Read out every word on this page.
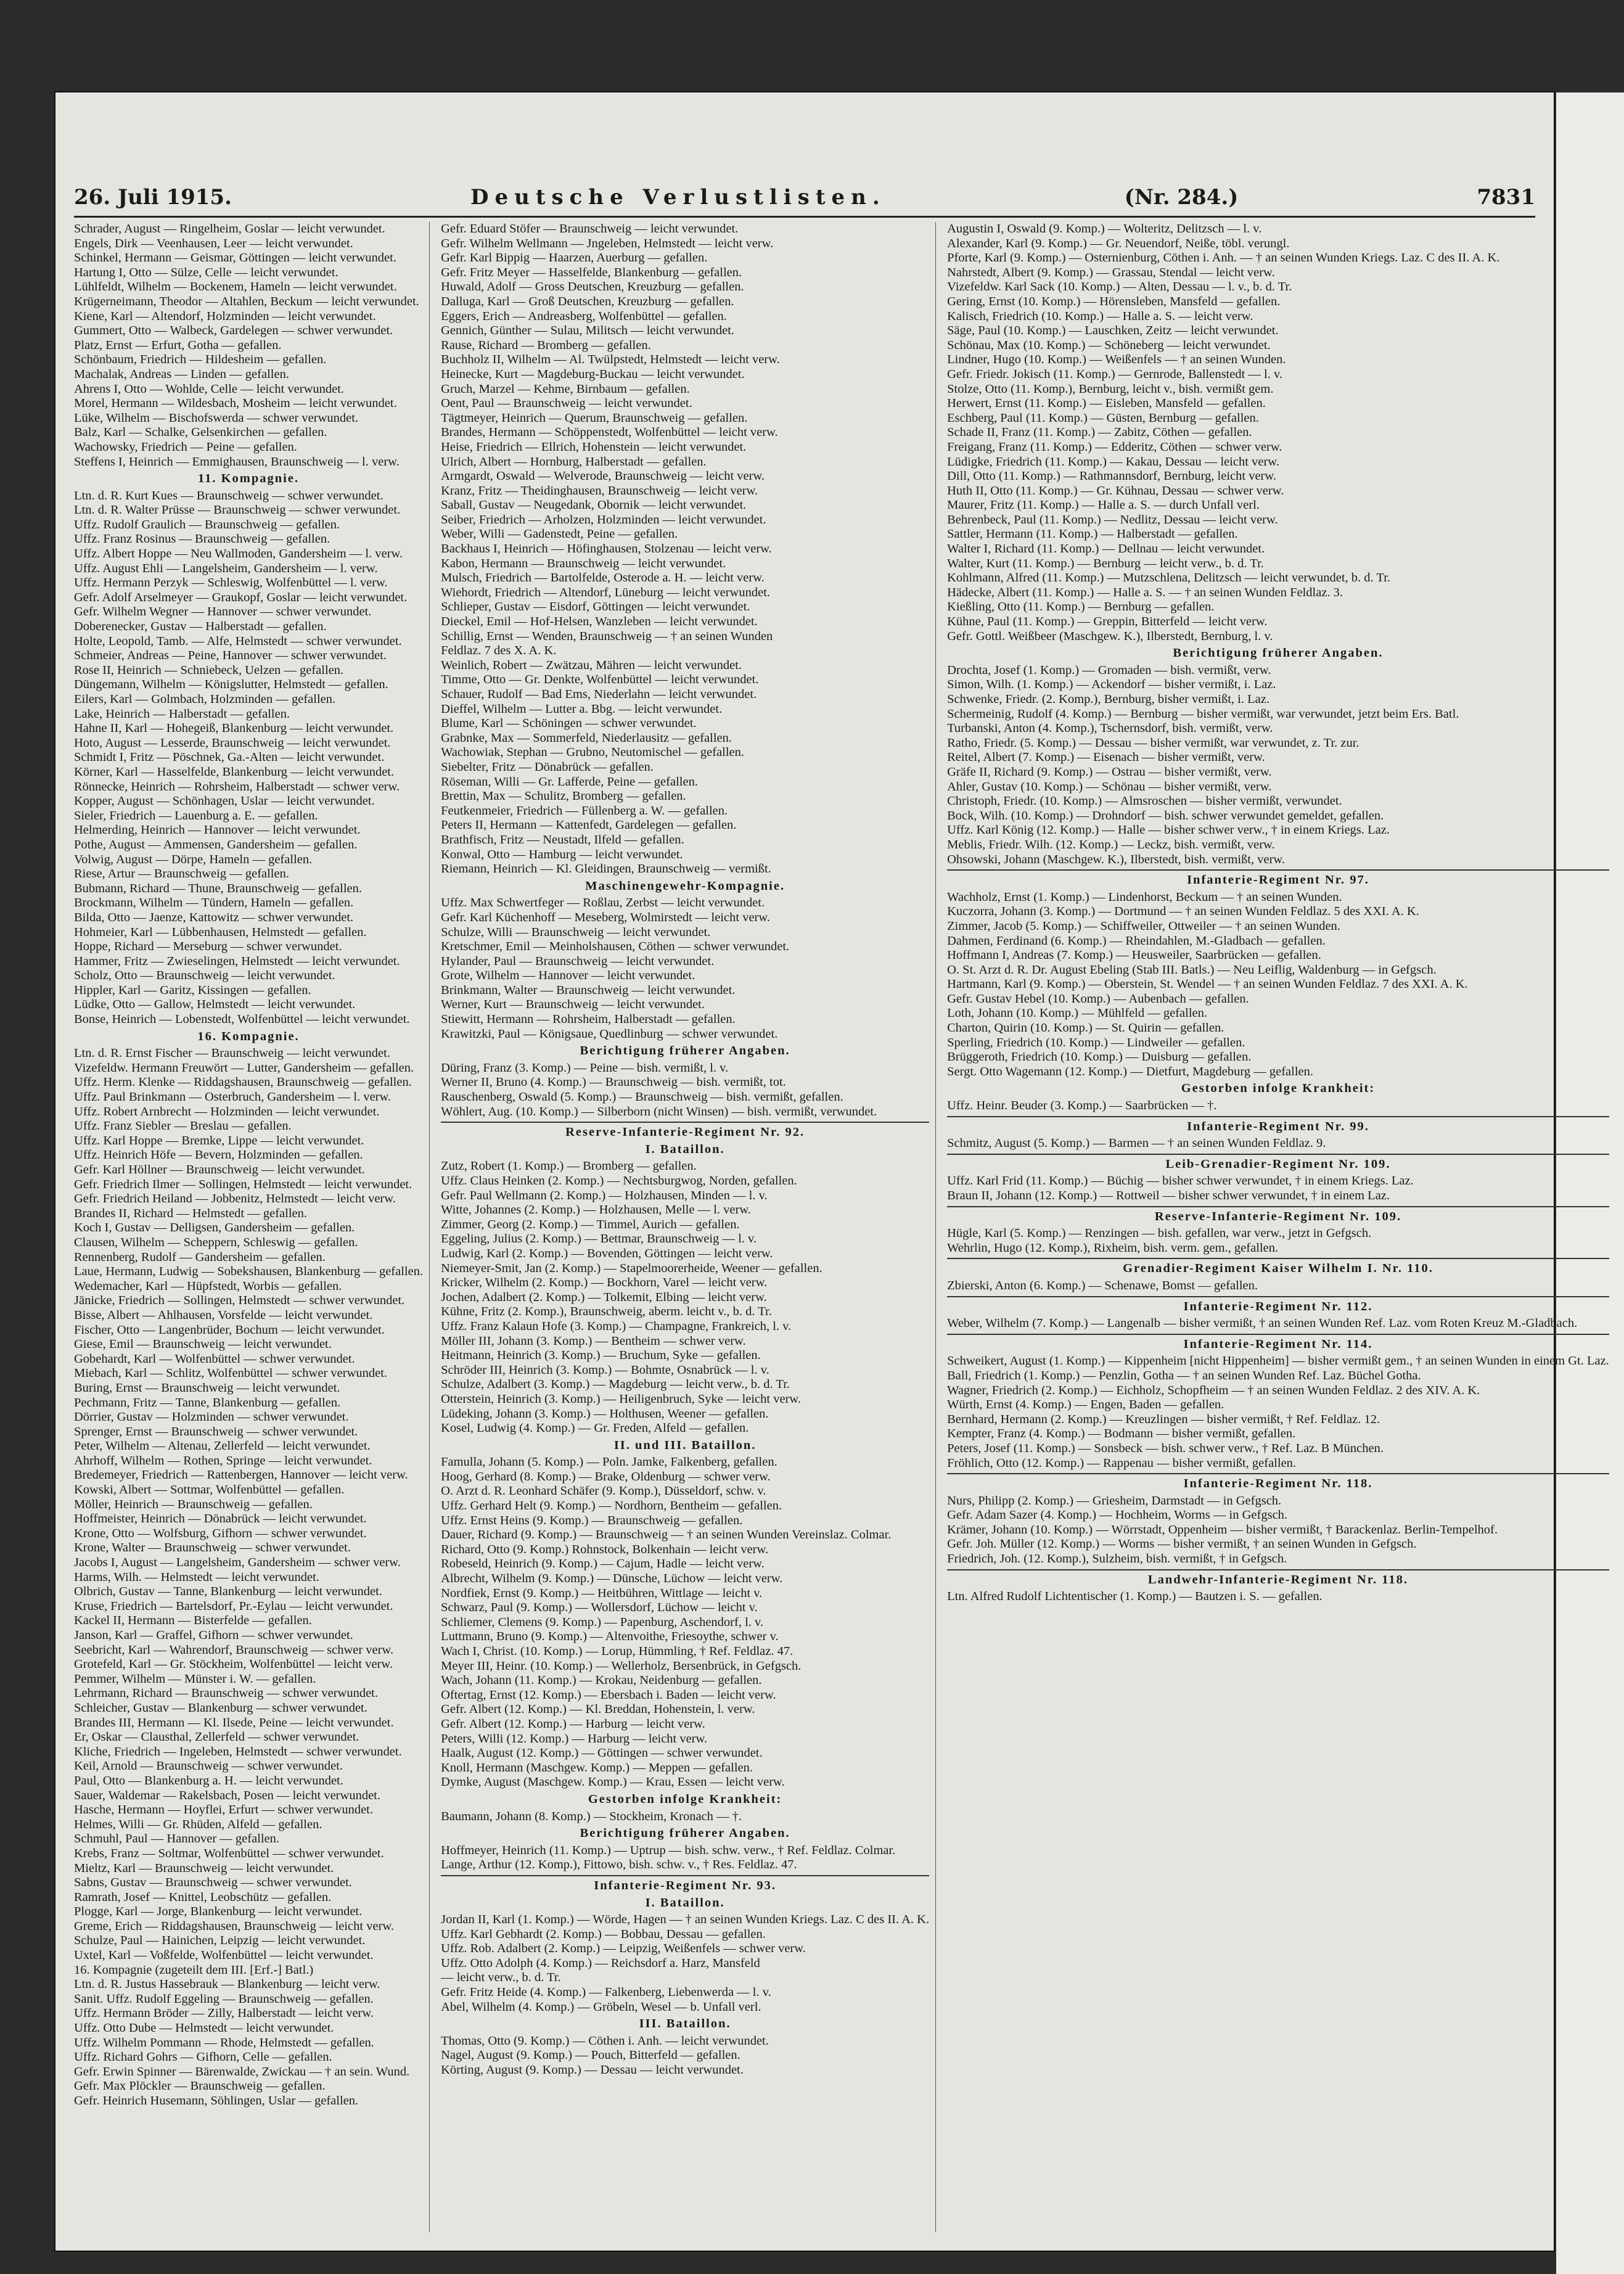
26. Juli 1915.	Deutsche Verlustlisten.	(Nr. 284.)	7831
Schrader, August — Ringelheim, Goslar — leicht verwundet.
Engels, Dirk — Veenhausen, Leer — leicht verwundet.
Schinkel, Hermann — Geismar, Göttingen — leicht verwundet.
Hartung I, Otto — Sülze, Celle — leicht verwundet.
Lühlfeldt, Wilhelm — Bockenem, Hameln — leicht verwundet.
Krügerneimann, Theodor — Altahlen, Beckum — leicht verwundet.
Kiene, Karl — Altendorf, Holzminden — leicht verwundet.
Gummert, Otto — Walbeck, Gardelegen — schwer verwundet.
Platz, Ernst — Erfurt, Gotha — gefallen.
Schönbaum, Friedrich — Hildesheim — gefallen.
Machalak, Andreas — Linden — gefallen.
Ahrens I, Otto — Wohlde, Celle — leicht verwundet.
Morel, Hermann — Wildesbach, Mosheim — leicht verwundet.
Lüke, Wilhelm — Bischofswerda — schwer verwundet.
Balz, Karl — Schalke, Gelsenkirchen — gefallen.
Wachowsky, Friedrich — Peine — gefallen.
Steffens I, Heinrich — Emmighausen, Braunschweig — l. verw.
11. Kompagnie.
Ltn. d. R. Kurt Kues — Braunschweig — schwer verwundet.
Ltn. d. R. Walter Prüsse — Braunschweig — schwer verwundet.
Uffz. Rudolf Graulich — Braunschweig — gefallen.
Uffz. Franz Rosinus — Braunschweig — gefallen.
Uffz. Albert Hoppe — Neu Wallmoden, Gandersheim — l. verw.
Uffz. August Ehli — Langelsheim, Gandersheim — l. verw.
Uffz. Hermann Perzyk — Schleswig, Wolfenbüttel — l. verw.
Gefr. Adolf Arselmeyer — Graukopf, Goslar — leicht verwundet.
Gefr. Wilhelm Wegner — Hannover — schwer verwundet.
Doberenecker, Gustav — Halberstadt — gefallen.
Holte, Leopold, Tamb. — Alfe, Helmstedt — schwer verwundet.
Schmeier, Andreas — Peine, Hannover — schwer verwundet.
Rose II, Heinrich — Schniebeck, Uelzen — gefallen.
Düngemann, Wilhelm — Königslutter, Helmstedt — gefallen.
Eilers, Karl — Golmbach, Holzminden — gefallen.
Lake, Heinrich — Halberstadt — gefallen.
Hahne II, Karl — Hohegeiß, Blankenburg — leicht verwundet.
Hoto, August — Lesserde, Braunschweig — leicht verwundet.
Schmidt I, Fritz — Pöschnek, Ga.-Alten — leicht verwundet.
Körner, Karl — Hasselfelde, Blankenburg — leicht verwundet.
Rönnecke, Heinrich — Rohrsheim, Halberstadt — schwer verw.
Kopper, August — Schönhagen, Uslar — leicht verwundet.
Sieler, Friedrich — Lauenburg a. E. — gefallen.
Helmerding, Heinrich — Hannover — leicht verwundet.
Pothe, August — Ammensen, Gandersheim — gefallen.
Volwig, August — Dörpe, Hameln — gefallen.
Riese, Artur — Braunschweig — gefallen.
Bubmann, Richard — Thune, Braunschweig — gefallen.
Brockmann, Wilhelm — Tündern, Hameln — gefallen.
Bilda, Otto — Jaenze, Kattowitz — schwer verwundet.
Hohmeier, Karl — Lübbenhausen, Helmstedt — gefallen.
Hoppe, Richard — Merseburg — schwer verwundet.
Hammer, Fritz — Zwieselingen, Helmstedt — leicht verwundet.
Scholz, Otto — Braunschweig — leicht verwundet.
Hippler, Karl — Garitz, Kissingen — gefallen.
Lüdke, Otto — Gallow, Helmstedt — leicht verwundet.
Bonse, Heinrich — Lobenstedt, Wolfenbüttel — leicht verwundet.
16. Kompagnie.
Ltn. d. R. Ernst Fischer — Braunschweig — leicht verwundet.
Vizefeldw. Hermann Freuwört — Lutter, Gandersheim — gefallen.
Uffz. Herm. Klenke — Riddagshausen, Braunschweig — gefallen.
Uffz. Paul Brinkmann — Osterbruch, Gandersheim — l. verw.
Uffz. Robert Arnbrecht — Holzminden — leicht verwundet.
Uffz. Franz Siebler — Breslau — gefallen.
Uffz. Karl Hoppe — Bremke, Lippe — leicht verwundet.
Uffz. Heinrich Höfe — Bevern, Holzminden — gefallen.
Gefr. Karl Höllner — Braunschweig — leicht verwundet.
Gefr. Friedrich Ilmer — Sollingen, Helmstedt — leicht verwundet.
Gefr. Friedrich Heiland — Jobbenitz, Helmstedt — leicht verw.
Brandes II, Richard — Helmstedt — gefallen.
Koch I, Gustav — Delligsen, Gandersheim — gefallen.
Clausen, Wilhelm — Scheppern, Schleswig — gefallen.
Rennenberg, Rudolf — Gandersheim — gefallen.
Laue, Hermann, Ludwig — Sobekshausen, Blankenburg — gefallen.
Wedemacher, Karl — Hüpfstedt, Worbis — gefallen.
Jänicke, Friedrich — Sollingen, Helmstedt — schwer verwundet.
Bisse, Albert — Ahlhausen, Vorsfelde — leicht verwundet.
Fischer, Otto — Langenbrüder, Bochum — leicht verwundet.
Giese, Emil — Braunschweig — leicht verwundet.
Gobehardt, Karl — Wolfenbüttel — schwer verwundet.
Miebach, Karl — Schlitz, Wolfenbüttel — schwer verwundet.
Buring, Ernst — Braunschweig — leicht verwundet.
Pechmann, Fritz — Tanne, Blankenburg — gefallen.
Dörrier, Gustav — Holzminden — schwer verwundet.
Sprenger, Ernst — Braunschweig — schwer verwundet.
Peter, Wilhelm — Altenau, Zellerfeld — leicht verwundet.
Ahrhoff, Wilhelm — Rothen, Springe — leicht verwundet.
Bredemeyer, Friedrich — Rattenbergen, Hannover — leicht verw.
Kowski, Albert — Sottmar, Wolfenbüttel — gefallen.
Möller, Heinrich — Braunschweig — gefallen.
Hoffmeister, Heinrich — Dönabrück — leicht verwundet.
Krone, Otto — Wolfsburg, Gifhorn — schwer verwundet.
Krone, Walter — Braunschweig — schwer verwundet.
Jacobs I, August — Langelsheim, Gandersheim — schwer verw.
Harms, Wilh. — Helmstedt — leicht verwundet.
Olbrich, Gustav — Tanne, Blankenburg — leicht verwundet.
Kruse, Friedrich — Bartelsdorf, Pr.-Eylau — leicht verwundet.
Kackel II, Hermann — Bisterfelde — gefallen.
Janson, Karl — Graffel, Gifhorn — schwer verwundet.
Seebricht, Karl — Wahrendorf, Braunschweig — schwer verw.
Grotefeld, Karl — Gr. Stöckheim, Wolfenbüttel — leicht verw.
Pemmer, Wilhelm — Münster i. W. — gefallen.
Lehrmann, Richard — Braunschweig — schwer verwundet.
Schleicher, Gustav — Blankenburg — schwer verwundet.
Brandes III, Hermann — Kl. Ilsede, Peine — leicht verwundet.
Er, Oskar — Clausthal, Zellerfeld — schwer verwundet.
Kliche, Friedrich — Ingeleben, Helmstedt — schwer verwundet.
Keil, Arnold — Braunschweig — schwer verwundet.
Paul, Otto — Blankenburg a. H. — leicht verwundet.
Sauer, Waldemar — Rakelsbach, Posen — leicht verwundet.
Hasche, Hermann — Hoyflei, Erfurt — schwer verwundet.
Helmes, Willi — Gr. Rhüden, Alfeld — gefallen.
Schmuhl, Paul — Hannover — gefallen.
Krebs, Franz — Soltmar, Wolfenbüttel — schwer verwundet.
Mieltz, Karl — Braunschweig — leicht verwundet.
Sabns, Gustav — Braunschweig — schwer verwundet.
Ramrath, Josef — Knittel, Leobschütz — gefallen.
Plogge, Karl — Jorge, Blankenburg — leicht verwundet.
Greme, Erich — Riddagshausen, Braunschweig — leicht verw.
Schulze, Paul — Hainichen, Leipzig — leicht verwundet.
Uxtel, Karl — Voßfelde, Wolfenbüttel — leicht verwundet.
16. Kompagnie (zugeteilt dem III. [Erf.-] Batl.)
Ltn. d. R. Justus Hassebrauk — Blankenburg — leicht verw.
Sanit. Uffz. Rudolf Eggeling — Braunschweig — gefallen.
Uffz. Hermann Bröder — Zilly, Halberstadt — leicht verw.
Uffz. Otto Dube — Helmstedt — leicht verwundet.
Uffz. Wilhelm Pommann — Rhode, Helmstedt — gefallen.
Uffz. Richard Gohrs — Gifhorn, Celle — gefallen.
Gefr. Erwin Spinner — Bärenwalde, Zwickau — † an sein. Wund.
Gefr. Max Plöckler — Braunschweig — gefallen.
Gefr. Heinrich Husemann, Söhlingen, Uslar — gefallen.
Gefr. Eduard Stöfer — Braunschweig — leicht verwundet.
Gefr. Wilhelm Wellmann — Jngeleben, Helmstedt — leicht verw.
Gefr. Karl Bippig — Haarzen, Auerburg — gefallen.
Gefr. Fritz Meyer — Hasselfelde, Blankenburg — gefallen.
Huwald, Adolf — Gross Deutschen, Kreuzburg — gefallen.
Dalluga, Karl — Groß Deutschen, Kreuzburg — gefallen.
Eggers, Erich — Andreasberg, Wolfenbüttel — gefallen.
Gennich, Günther — Sulau, Militsch — leicht verwundet.
Rause, Richard — Bromberg — gefallen.
Buchholz II, Wilhelm — Al. Twülpstedt, Helmstedt — leicht verw.
Heinecke, Kurt — Magdeburg-Buckau — leicht verwundet.
Gruch, Marzel — Kehme, Birnbaum — gefallen.
Oent, Paul — Braunschweig — leicht verwundet.
Tägtmeyer, Heinrich — Querum, Braunschweig — gefallen.
Brandes, Hermann — Schöppenstedt, Wolfenbüttel — leicht verw.
Heise, Friedrich — Ellrich, Hohenstein — leicht verwundet.
Ulrich, Albert — Hornburg, Halberstadt — gefallen.
Armgardt, Oswald — Welverode, Braunschweig — leicht verw.
Kranz, Fritz — Theidinghausen, Braunschweig — leicht verw.
Saball, Gustav — Neugedank, Obornik — leicht verwundet.
Seiber, Friedrich — Arholzen, Holzminden — leicht verwundet.
Weber, Willi — Gadenstedt, Peine — gefallen.
Backhaus I, Heinrich — Höfinghausen, Stolzenau — leicht verw.
Kabon, Hermann — Braunschweig — leicht verwundet.
Mulsch, Friedrich — Bartolfelde, Osterode a. H. — leicht verw.
Wiehordt, Friedrich — Altendorf, Lüneburg — leicht verwundet.
Schlieper, Gustav — Eisdorf, Göttingen — leicht verwundet.
Dieckel, Emil — Hof-Helsen, Wanzleben — leicht verwundet.
Schillig, Ernst — Wenden, Braunschweig — † an seinen Wunden
Feldlaz. 7 des X. A. K.
Weinlich, Robert — Zwätzau, Mähren — leicht verwundet.
Timme, Otto — Gr. Denkte, Wolfenbüttel — leicht verwundet.
Schauer, Rudolf — Bad Ems, Niederlahn — leicht verwundet.
Dieffel, Wilhelm — Lutter a. Bbg. — leicht verwundet.
Blume, Karl — Schöningen — schwer verwundet.
Grabnke, Max — Sommerfeld, Niederlausitz — gefallen.
Wachowiak, Stephan — Grubno, Neutomischel — gefallen.
Siebelter, Fritz — Dönabrück — gefallen.
Röseman, Willi — Gr. Lafferde, Peine — gefallen.
Brettin, Max — Schulitz, Bromberg — gefallen.
Feutkenmeier, Friedrich — Füllenberg a. W. — gefallen.
Peters II, Hermann — Kattenfedt, Gardelegen — gefallen.
Brathfisch, Fritz — Neustadt, Ilfeld — gefallen.
Konwal, Otto — Hamburg — leicht verwundet.
Riemann, Heinrich — Kl. Gleidingen, Braunschweig — vermißt.
Maschinengewehr-Kompagnie.
Uffz. Max Schwertfeger — Roßlau, Zerbst — leicht verwundet.
Gefr. Karl Küchenhoff — Meseberg, Wolmirstedt — leicht verw.
Schulze, Willi — Braunschweig — leicht verwundet.
Kretschmer, Emil — Meinholshausen, Cöthen — schwer verwundet.
Hylander, Paul — Braunschweig — leicht verwundet.
Grote, Wilhelm — Hannover — leicht verwundet.
Brinkmann, Walter — Braunschweig — leicht verwundet.
Werner, Kurt — Braunschweig — leicht verwundet.
Stiewitt, Hermann — Rohrsheim, Halberstadt — gefallen.
Krawitzki, Paul — Königsaue, Quedlinburg — schwer verwundet.
Berichtigung früherer Angaben.
Düring, Franz (3. Komp.) — Peine — bish. vermißt, l. v.
Werner II, Bruno (4. Komp.) — Braunschweig — bish. vermißt, tot.
Rauschenberg, Oswald (5. Komp.) — Braunschweig — bish. vermißt, gefallen.
Wöhlert, Aug. (10. Komp.) — Silberborn (nicht Winsen) — bish. vermißt, verwundet.
Reserve-Infanterie-Regiment Nr. 92.
I. Bataillon.
Zutz, Robert (1. Komp.) — Bromberg — gefallen.
Uffz. Claus Heinken (2. Komp.) — Nechtsburgwog, Norden, gefallen.
Gefr. Paul Wellmann (2. Komp.) — Holzhausen, Minden — l. v.
Witte, Johannes (2. Komp.) — Holzhausen, Melle — l. verw.
Zimmer, Georg (2. Komp.) — Timmel, Aurich — gefallen.
Eggeling, Julius (2. Komp.) — Bettmar, Braunschweig — l. v.
Ludwig, Karl (2. Komp.) — Bovenden, Göttingen — leicht verw.
Niemeyer-Smit, Jan (2. Komp.) — Stapelmoorerheide, Weener — gefallen.
Kricker, Wilhelm (2. Komp.) — Bockhorn, Varel — leicht verw.
Jochen, Adalbert (2. Komp.) — Tolkemit, Elbing — leicht verw.
Kühne, Fritz (2. Komp.), Braunschweig, aberm. leicht v., b. d. Tr.
Uffz. Franz Kalaun Hofe (3. Komp.) — Champagne, Frankreich, l. v.
Möller III, Johann (3. Komp.) — Bentheim — schwer verw.
Heitmann, Heinrich (3. Komp.) — Bruchum, Syke — gefallen.
Schröder III, Heinrich (3. Komp.) — Bohmte, Osnabrück — l. v.
Schulze, Adalbert (3. Komp.) — Magdeburg — leicht verw., b. d. Tr.
Otterstein, Heinrich (3. Komp.) — Heiligenbruch, Syke — leicht verw.
Lüdeking, Johann (3. Komp.) — Holthusen, Weener — gefallen.
Kosel, Ludwig (4. Komp.) — Gr. Freden, Alfeld — gefallen.
II. und III. Bataillon.
Famulla, Johann (5. Komp.) — Poln. Jamke, Falkenberg, gefallen.
Hoog, Gerhard (8. Komp.) — Brake, Oldenburg — schwer verw.
O. Arzt d. R. Leonhard Schäfer (9. Komp.), Düsseldorf, schw. v.
Uffz. Gerhard Helt (9. Komp.) — Nordhorn, Bentheim — gefallen.
Uffz. Ernst Heins (9. Komp.) — Braunschweig — gefallen.
Dauer, Richard (9. Komp.) — Braunschweig — † an seinen Wunden Vereinslaz. Colmar.
Richard, Otto (9. Komp.) Rohnstock, Bolkenhain — leicht verw.
Robeseld, Heinrich (9. Komp.) — Cajum, Hadle — leicht verw.
Albrecht, Wilhelm (9. Komp.) — Dünsche, Lüchow — leicht verw.
Nordfiek, Ernst (9. Komp.) — Heitbühren, Wittlage — leicht v.
Schwarz, Paul (9. Komp.) — Wollersdorf, Lüchow — leicht v.
Schliemer, Clemens (9. Komp.) — Papenburg, Aschendorf, l. v.
Luttmann, Bruno (9. Komp.) — Altenvoithe, Friesoythe, schwer v.
Wach I, Christ. (10. Komp.) — Lorup, Hümmling, † Ref. Feldlaz. 47.
Meyer III, Heinr. (10. Komp.) — Wellerholz, Bersenbrück, in Gefgsch.
Wach, Johann (11. Komp.) — Krokau, Neidenburg — gefallen.
Oftertag, Ernst (12. Komp.) — Ebersbach i. Baden — leicht verw.
Gefr. Albert (12. Komp.) — Kl. Breddan, Hohenstein, l. verw.
Gefr. Albert (12. Komp.) — Harburg — leicht verw.
Peters, Willi (12. Komp.) — Harburg — leicht verw.
Haalk, August (12. Komp.) — Göttingen — schwer verwundet.
Knoll, Hermann (Maschgew. Komp.) — Meppen — gefallen.
Dymke, August (Maschgew. Komp.) — Krau, Essen — leicht verw.
Gestorben infolge Krankheit:
Baumann, Johann (8. Komp.) — Stockheim, Kronach — †.
Berichtigung früherer Angaben.
Hoffmeyer, Heinrich (11. Komp.) — Uptrup — bish. schw. verw., † Ref. Feldlaz. Colmar.
Lange, Arthur (12. Komp.), Fittowo, bish. schw. v., † Res. Feldlaz. 47.
Infanterie-Regiment Nr. 93.
I. Bataillon.
Jordan II, Karl (1. Komp.) — Wörde, Hagen — † an seinen Wunden Kriegs. Laz. C des II. A. K.
Uffz. Karl Gebhardt (2. Komp.) — Bobbau, Dessau — gefallen.
Uffz. Rob. Adalbert (2. Komp.) — Leipzig, Weißenfels — schwer verw.
Uffz. Otto Adolph (4. Komp.) — Reichsdorf a. Harz, Mansfeld
— leicht verw., b. d. Tr.
Gefr. Fritz Heide (4. Komp.) — Falkenberg, Liebenwerda — l. v.
Abel, Wilhelm (4. Komp.) — Gröbeln, Wesel — b. Unfall verl.
III. Bataillon.
Thomas, Otto (9. Komp.) — Cöthen i. Anh. — leicht verwundet.
Nagel, August (9. Komp.) — Pouch, Bitterfeld — gefallen.
Körting, August (9. Komp.) — Dessau — leicht verwundet.
Augustin I, Oswald (9. Komp.) — Wolteritz, Delitzsch — l. v.
Alexander, Karl (9. Komp.) — Gr. Neuendorf, Neiße, töbl. verungl.
Pforte, Karl (9. Komp.) — Osternienburg, Cöthen i. Anh. — † an seinen Wunden Kriegs. Laz. C des II. A. K.
Nahrstedt, Albert (9. Komp.) — Grassau, Stendal — leicht verw.
Vizefeldw. Karl Sack (10. Komp.) — Alten, Dessau — l. v., b. d. Tr.
Gering, Ernst (10. Komp.) — Hörensleben, Mansfeld — gefallen.
Kalisch, Friedrich (10. Komp.) — Halle a. S. — leicht verw.
Säge, Paul (10. Komp.) — Lauschken, Zeitz — leicht verwundet.
Schönau, Max (10. Komp.) — Schöneberg — leicht verwundet.
Lindner, Hugo (10. Komp.) — Weißenfels — † an seinen Wunden.
Gefr. Friedr. Jokisch (11. Komp.) — Gernrode, Ballenstedt — l. v.
Stolze, Otto (11. Komp.), Bernburg, leicht v., bish. vermißt gem.
Herwert, Ernst (11. Komp.) — Eisleben, Mansfeld — gefallen.
Eschberg, Paul (11. Komp.) — Güsten, Bernburg — gefallen.
Schade II, Franz (11. Komp.) — Zabitz, Cöthen — gefallen.
Freigang, Franz (11. Komp.) — Edderitz, Cöthen — schwer verw.
Lüdigke, Friedrich (11. Komp.) — Kakau, Dessau — leicht verw.
Dill, Otto (11. Komp.) — Rathmannsdorf, Bernburg, leicht verw.
Huth II, Otto (11. Komp.) — Gr. Kühnau, Dessau — schwer verw.
Maurer, Fritz (11. Komp.) — Halle a. S. — durch Unfall verl.
Behrenbeck, Paul (11. Komp.) — Nedlitz, Dessau — leicht verw.
Sattler, Hermann (11. Komp.) — Halberstadt — gefallen.
Walter I, Richard (11. Komp.) — Dellnau — leicht verwundet.
Walter, Kurt (11. Komp.) — Bernburg — leicht verw., b. d. Tr.
Kohlmann, Alfred (11. Komp.) — Mutzschlena, Delitzsch — leicht verwundet, b. d. Tr.
Hädecke, Albert (11. Komp.) — Halle a. S. — † an seinen Wunden Feldlaz. 3.
Kießling, Otto (11. Komp.) — Bernburg — gefallen.
Kühne, Paul (11. Komp.) — Greppin, Bitterfeld — leicht verw.
Gefr. Gottl. Weißbeer (Maschgew. K.), Ilberstedt, Bernburg, l. v.
Berichtigung früherer Angaben.
Drochta, Josef (1. Komp.) — Gromaden — bish. vermißt, verw.
Simon, Wilh. (1. Komp.) — Ackendorf — bisher vermißt, i. Laz.
Schwenke, Friedr. (2. Komp.), Bernburg, bisher vermißt, i. Laz.
Schermeinig, Rudolf (4. Komp.) — Bernburg — bisher vermißt, war verwundet, jetzt beim Ers. Batl.
Turbanski, Anton (4. Komp.), Tschernsdorf, bish. vermißt, verw.
Ratho, Friedr. (5. Komp.) — Dessau — bisher vermißt, war verwundet, z. Tr. zur.
Reitel, Albert (7. Komp.) — Eisenach — bisher vermißt, verw.
Gräfe II, Richard (9. Komp.) — Ostrau — bisher vermißt, verw.
Ahler, Gustav (10. Komp.) — Schönau — bisher vermißt, verw.
Christoph, Friedr. (10. Komp.) — Almsroschen — bisher vermißt, verwundet.
Bock, Wilh. (10. Komp.) — Drohndorf — bish. schwer verwundet gemeldet, gefallen.
Uffz. Karl König (12. Komp.) — Halle — bisher schwer verw., † in einem Kriegs. Laz.
Meblis, Friedr. Wilh. (12. Komp.) — Leckz, bish. vermißt, verw.
Ohsowski, Johann (Maschgew. K.), Ilberstedt, bish. vermißt, verw.
Infanterie-Regiment Nr. 97.
Wachholz, Ernst (1. Komp.) — Lindenhorst, Beckum — † an seinen Wunden.
Kuczorra, Johann (3. Komp.) — Dortmund — † an seinen Wunden Feldlaz. 5 des XXI. A. K.
Zimmer, Jacob (5. Komp.) — Schiffweiler, Ottweiler — † an seinen Wunden.
Dahmen, Ferdinand (6. Komp.) — Rheindahlen, M.-Gladbach — gefallen.
Hoffmann I, Andreas (7. Komp.) — Heusweiler, Saarbrücken — gefallen.
O. St. Arzt d. R. Dr. August Ebeling (Stab III. Batls.) — Neu Leiflig, Waldenburg — in Gefgsch.
Hartmann, Karl (9. Komp.) — Oberstein, St. Wendel — † an seinen Wunden Feldlaz. 7 des XXI. A. K.
Gefr. Gustav Hebel (10. Komp.) — Aubenbach — gefallen.
Loth, Johann (10. Komp.) — Mühlfeld — gefallen.
Charton, Quirin (10. Komp.) — St. Quirin — gefallen.
Sperling, Friedrich (10. Komp.) — Lindweiler — gefallen.
Brüggeroth, Friedrich (10. Komp.) — Duisburg — gefallen.
Sergt. Otto Wagemann (12. Komp.) — Dietfurt, Magdeburg — gefallen.
Gestorben infolge Krankheit:
Uffz. Heinr. Beuder (3. Komp.) — Saarbrücken — †.
Infanterie-Regiment Nr. 99.
Schmitz, August (5. Komp.) — Barmen — † an seinen Wunden Feldlaz. 9.
Leib-Grenadier-Regiment Nr. 109.
Uffz. Karl Frid (11. Komp.) — Büchig — bisher schwer verwundet, † in einem Kriegs. Laz.
Braun II, Johann (12. Komp.) — Rottweil — bisher schwer verwundet, † in einem Laz.
Reserve-Infanterie-Regiment Nr. 109.
Hügle, Karl (5. Komp.) — Renzingen — bish. gefallen, war verw., jetzt in Gefgsch.
Wehrlin, Hugo (12. Komp.), Rixheim, bish. verm. gem., gefallen.
Grenadier-Regiment Kaiser Wilhelm I. Nr. 110.
Zbierski, Anton (6. Komp.) — Schenawe, Bomst — gefallen.
Infanterie-Regiment Nr. 112.
Weber, Wilhelm (7. Komp.) — Langenalb — bisher vermißt, † an seinen Wunden Ref. Laz. vom Roten Kreuz M.-Gladbach.
Infanterie-Regiment Nr. 114.
Schweikert, August (1. Komp.) — Kippenheim [nicht Hippenheim] — bisher vermißt gem., † an seinen Wunden in einem Gt. Laz.
Ball, Friedrich (1. Komp.) — Penzlin, Gotha — † an seinen Wunden Ref. Laz. Büchel Gotha.
Wagner, Friedrich (2. Komp.) — Eichholz, Schopfheim — † an seinen Wunden Feldlaz. 2 des XIV. A. K.
Würth, Ernst (4. Komp.) — Engen, Baden — gefallen.
Bernhard, Hermann (2. Komp.) — Kreuzlingen — bisher vermißt, † Ref. Feldlaz. 12.
Kempter, Franz (4. Komp.) — Bodmann — bisher vermißt, gefallen.
Peters, Josef (11. Komp.) — Sonsbeck — bish. schwer verw., † Ref. Laz. B München.
Fröhlich, Otto (12. Komp.) — Rappenau — bisher vermißt, gefallen.
Infanterie-Regiment Nr. 118.
Nurs, Philipp (2. Komp.) — Griesheim, Darmstadt — in Gefgsch.
Gefr. Adam Sazer (4. Komp.) — Hochheim, Worms — in Gefgsch.
Krämer, Johann (10. Komp.) — Wörrstadt, Oppenheim — bisher vermißt, † Barackenlaz. Berlin-Tempelhof.
Gefr. Joh. Müller (12. Komp.) — Worms — bisher vermißt, † an seinen Wunden in Gefgsch.
Friedrich, Joh. (12. Komp.), Sulzheim, bish. vermißt, † in Gefgsch.
Landwehr-Infanterie-Regiment Nr. 118.
Ltn. Alfred Rudolf Lichtentischer (1. Komp.) — Bautzen i. S. — gefallen.
